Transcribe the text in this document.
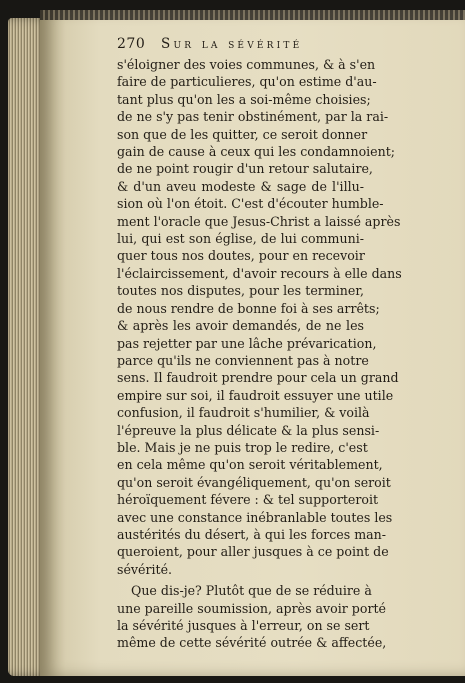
270	Sur la sévérité
s'éloigner des voies communes, & à s'en
faire de particulieres, qu'on estime d'au-
tant plus qu'on les a soi-même choisies;
de ne s'y pas tenir obstinément, par la rai-
son que de les quitter, ce seroit donner
gain de cause à ceux qui les condamnoient;
de ne point rougir d'un retour salutaire,
& d'un aveu modeste & sage de l'illu-
sion où l'on étoit. C'est d'écouter humble-
ment l'oracle que Jesus-Christ a laissé après
lui, qui est son église, de lui communi-
quer tous nos doutes, pour en recevoir
l'éclaircissement, d'avoir recours à elle dans
toutes nos disputes, pour les terminer,
de nous rendre de bonne foi à ses arrêts;
& après les avoir demandés, de ne les
pas rejetter par une lâche prévarication,
parce qu'ils ne conviennent pas à notre
sens. Il faudroit prendre pour cela un grand
empire sur soi, il faudroit essuyer une utile
confusion, il faudroit s'humilier, & voilà
l'épreuve la plus délicate & la plus sensi-
ble. Mais je ne puis trop le redire, c'est
en cela même qu'on seroit véritablement,
qu'on seroit évangéliquement, qu'on seroit
héroïquement févere : & tel supporteroit
avec une constance inébranlable toutes les
austérités du désert, à qui les forces man-
queroient, pour aller jusques à ce point de
sévérité.
Que dis-je? Plutôt que de se réduire à
une pareille soumission, après avoir porté
la sévérité jusques à l'erreur, on se sert
même de cette sévérité outrée & affectée,
